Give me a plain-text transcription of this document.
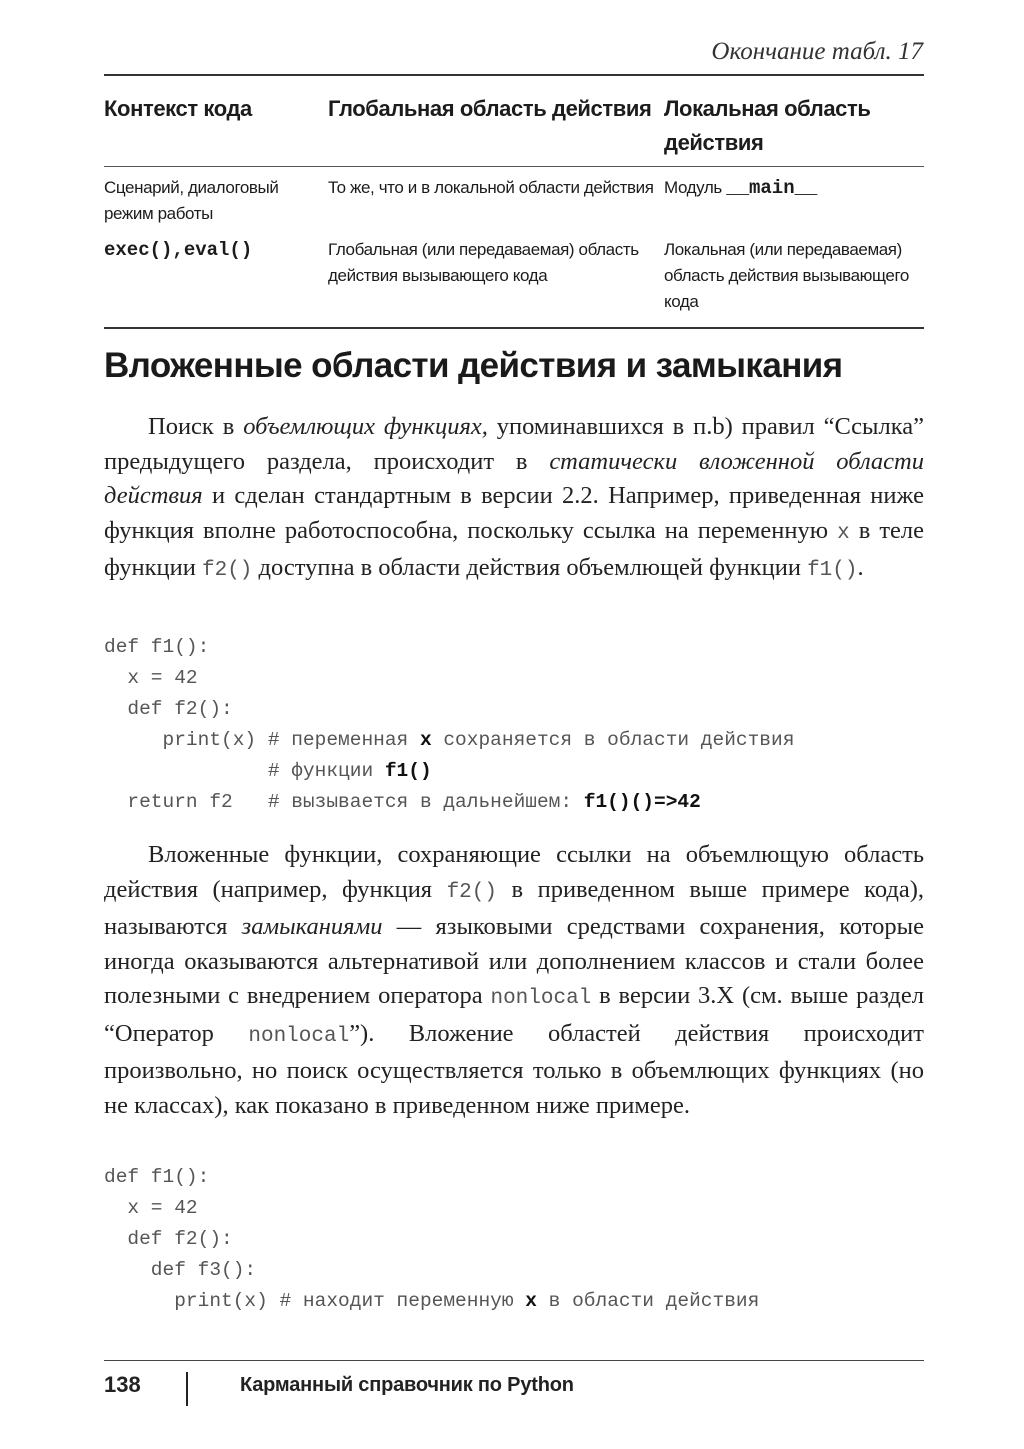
Окончание табл. 17
Контекст кода	Глобальная область действия	Локальная область действия
Сценарий, диалоговый режим работы	То же, что и в локальной области действия	Модуль __main__
exec(),eval()	Глобальная (или передаваемая) область действия вызывающего кода	Локальная (или передаваемая) область действия вызывающего кода
Вложенные области действия и замыкания

Поиск в объемлющих функциях, упоминавшихся в п.b) правил “Ссылка” предыдущего раздела, происходит в статически вложенной области действия и сделан стандартным в версии 2.2. Например, приведенная ниже функция вполне работоспособна, поскольку ссылка на переменную x в теле функции f2() доступна в области действия объемлющей функции f1().

def f1():
x = 42
def f2():
print(x) # переменная x сохраняется в области действия
# функции f1()
return f2   # вызывается в дальнейшем: f1()()=>42

Вложенные функции, сохраняющие ссылки на объемлющую область действия (например, функция f2() в приведенном выше примере кода), называются замыканиями — языковыми средствами сохранения, которые иногда оказываются альтернативой или дополнением классов и стали более полезными с внедрением оператора nonlocal в версии 3.X (см. выше раздел “Оператор nonlocal”). Вложение областей действия происходит произвольно, но поиск осуществляется только в объемлющих функциях (но не классах), как показано в приведенном ниже примере.

def f1():
x = 42
def f2():
def f3():
print(x) # находит переменную x в области действия
138	Карманный справочник по Python
